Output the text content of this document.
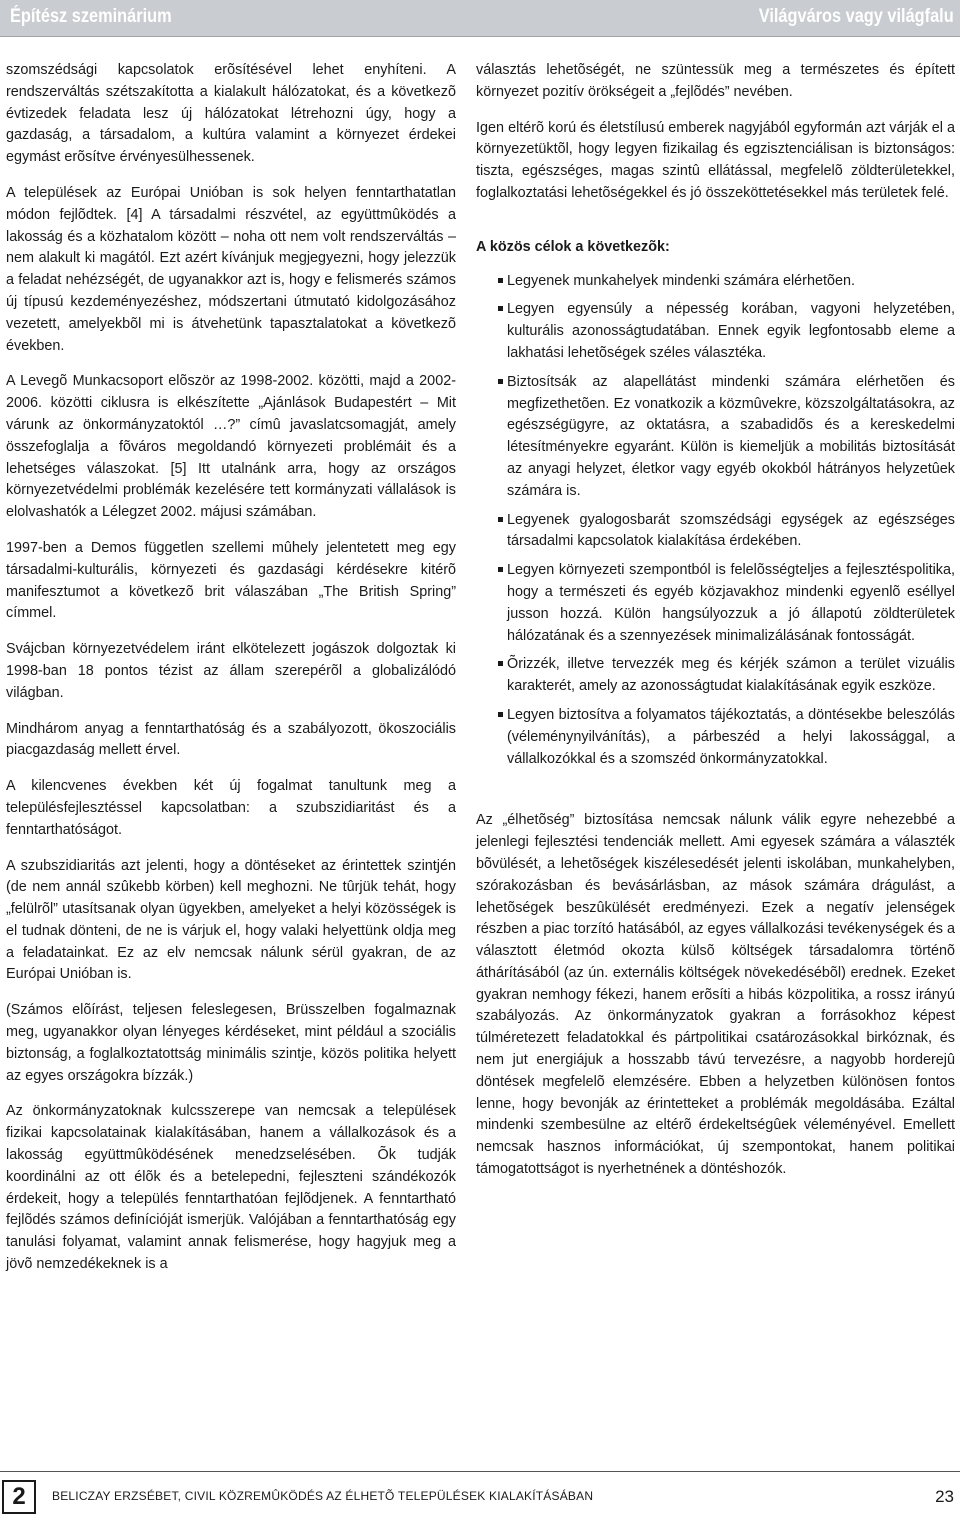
Építész szeminárium	Világváros vagy világfalu

szomszédsági kapcsolatok erõsítésével lehet enyhíteni. A rendszerváltás szétszakította a kialakult hálózatokat, és a következõ évtizedek feladata lesz új hálózatokat létrehozni úgy, hogy a gazdaság, a társadalom, a kultúra valamint a környezet érdekei egymást erõsítve érvényesülhessenek.

A települések az Európai Unióban is sok helyen fenntarthatatlan módon fejlõdtek. [4] A társadalmi részvétel, az együttmûködés a lakosság és a közhatalom között – noha ott nem volt rendszerváltás – nem alakult ki magától. Ezt azért kívánjuk megjegyezni, hogy jelezzük a feladat nehézségét, de ugyanakkor azt is, hogy e felismerés számos új típusú kezdeményezéshez, módszertani útmutató kidolgozásához vezetett, amelyekbõl mi is átvehetünk tapasztalatokat a következõ években.

A Levegõ Munkacsoport elõször az 1998-2002. közötti, majd a 2002-2006. közötti ciklusra is elkészítette „Ajánlások Budapestért – Mit várunk az önkormányzatoktól …?” címû javaslatcsomagját, amely összefoglalja a fõváros megoldandó környezeti problémáit és a lehetséges válaszokat. [5] Itt utalnánk arra, hogy az országos környezetvédelmi problémák kezelésére tett kormányzati vállalások is elolvashatók a Lélegzet 2002. májusi számában.

1997-ben a Demos független szellemi mûhely jelentetett meg egy társadalmi-kulturális, környezeti és gazdasági kérdésekre kitérõ manifesztumot a következõ brit válaszában „The British Spring” címmel.

Svájcban környezetvédelem iránt elkötelezett jogászok dolgoztak ki 1998-ban 18 pontos tézist az állam szerepérõl a globalizálódó világban.

Mindhárom anyag a fenntarthatóság és a szabályozott, ökoszociális piacgazdaság mellett érvel.

A kilencvenes években két új fogalmat tanultunk meg a településfejlesztéssel kapcsolatban: a szubszidiaritást és a fenntarthatóságot.

A szubszidiaritás azt jelenti, hogy a döntéseket az érintettek szintjén (de nem annál szûkebb körben) kell meghozni. Ne tûrjük tehát, hogy „felülrõl” utasítsanak olyan ügyekben, amelyeket a helyi közösségek is el tudnak dönteni, de ne is várjuk el, hogy valaki helyettünk oldja meg a feladatainkat. Ez az elv nemcsak nálunk sérül gyakran, de az Európai Unióban is.

(Számos elõírást, teljesen feleslegesen, Brüsszelben fogalmaznak meg, ugyanakkor olyan lényeges kérdéseket, mint például a szociális biztonság, a foglalkoztatottság minimális szintje, közös politika helyett az egyes országokra bízzák.)

Az önkormányzatoknak kulcsszerepe van nemcsak a települések fizikai kapcsolatainak kialakításában, hanem a vállalkozások és a lakosság együttmûködésének menedzselésében. Õk tudják koordinálni az ott élõk és a betelepedni, fejleszteni szándékozók érdekeit, hogy a település fenntarthatóan fejlõdjenek. A fenntartható fejlõdés számos definícióját ismerjük. Valójában a fenntarthatóság egy tanulási folyamat, valamint annak felismerése, hogy hagyjuk meg a jövõ nemzedékeknek is a

választás lehetõségét, ne szüntessük meg a természetes és épített környezet pozitív örökségeit a „fejlõdés” nevében.

Igen eltérõ korú és életstílusú emberek nagyjából egyformán azt várják el a környezetüktõl, hogy legyen fizikailag és egzisztenciálisan is biztonságos: tiszta, egészséges, magas szintû ellátással, megfelelõ zöldterületekkel, foglalkoztatási lehetõségekkel és jó összeköttetésekkel más területek felé.

A közös célok a következõk:
Legyenek munkahelyek mindenki számára elérhetõen.
Legyen egyensúly a népesség korában, vagyoni helyzetében, kulturális azonosságtudatában. Ennek egyik legfontosabb eleme a lakhatási lehetõségek széles választéka.
Biztosítsák az alapellátást mindenki számára elérhetõen és megfizethetõen. Ez vonatkozik a közmûvekre, közszolgáltatásokra, az egészségügyre, az oktatásra, a szabadidõs és a kereskedelmi létesítményekre egyaránt. Külön is kiemeljük a mobilitás biztosítását az anyagi helyzet, életkor vagy egyéb okokból hátrányos helyzetûek számára is.
Legyenek gyalogosbarát szomszédsági egységek az egészséges társadalmi kapcsolatok kialakítása érdekében.
Legyen környezeti szempontból is felelõsségteljes a fejlesztéspolitika, hogy a természeti és egyéb közjavakhoz mindenki egyenlõ eséllyel jusson hozzá. Külön hangsúlyozzuk a jó állapotú zöldterületek hálózatának és a szennyezések minimalizálásának fontosságát.
Õrizzék, illetve tervezzék meg és kérjék számon a terület vizuális karakterét, amely az azonosságtudat kialakításának egyik eszköze.
Legyen biztosítva a folyamatos tájékoztatás, a döntésekbe beleszólás (véleménynyilvánítás), a párbeszéd a helyi lakossággal, a vállalkozókkal és a szomszéd önkormányzatokkal.

Az „élhetõség” biztosítása nemcsak nálunk válik egyre nehezebbé a jelenlegi fejlesztési tendenciák mellett. Ami egyesek számára a választék bõvülését, a lehetõségek kiszélesedését jelenti iskolában, munkahelyben, szórakozásban és bevásárlásban, az mások számára drágulást, a lehetõségek beszûkülését eredményezi. Ezek a negatív jelenségek részben a piac torzító hatásából, az egyes vállalkozási tevékenységek és a választott életmód okozta külsõ költségek társadalomra történõ áthárításából (az ún. externális költségek növekedésébõl) erednek. Ezeket gyakran nemhogy fékezi, hanem erõsíti a hibás közpolitika, a rossz irányú szabályozás. Az önkormányzatok gyakran a forrásokhoz képest túlméretezett feladatokkal és pártpolitikai csatározásokkal birkóznak, és nem jut energiájuk a hosszabb távú tervezésre, a nagyobb horderejû döntések megfelelõ elemzésére. Ebben a helyzetben különösen fontos lenne, hogy bevonják az érintetteket a problémák megoldásába. Ezáltal mindenki szembesülne az eltérõ érdekeltségûek véleményével. Emellett nemcsak hasznos információkat, új szempontokat, hanem politikai támogatottságot is nyerhetnének a döntéshozók.

2	BELICZAY ERZSÉBET, CIVIL KÖZREMÛKÖDÉS AZ ÉLHETÕ TELEPÜLÉSEK KIALAKÍTÁSÁBAN	23
